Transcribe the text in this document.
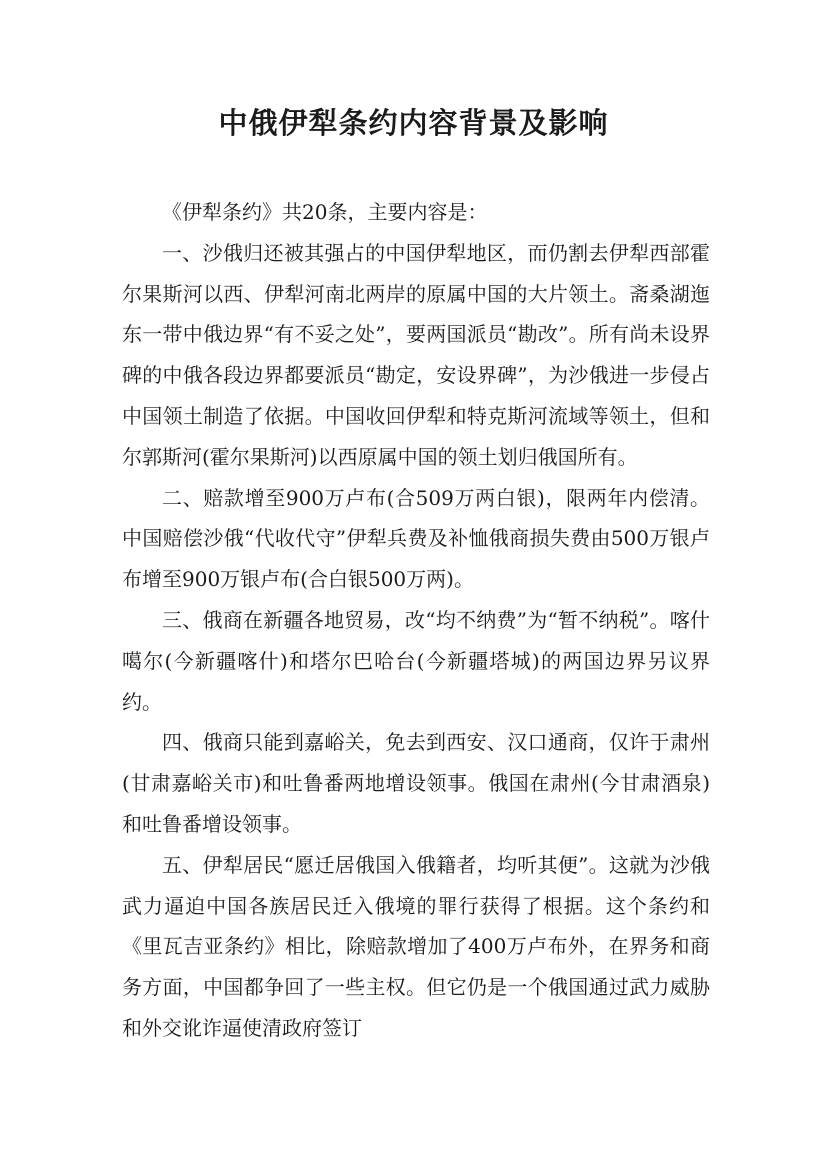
中俄伊犁条约内容背景及影响

《伊犁条约》共20条，主要内容是：

一、沙俄归还被其强占的中国伊犁地区，而仍割去伊犁西部霍尔果斯河以西、伊犁河南北两岸的原属中国的大片领土。斋桑湖迤东一带中俄边界“有不妥之处”，要两国派员“勘改”。所有尚未设界碑的中俄各段边界都要派员“勘定，安设界碑”，为沙俄进一步侵占中国领土制造了依据。中国收回伊犁和特克斯河流域等领土，但和尔郭斯河(霍尔果斯河)以西原属中国的领土划归俄国所有。

二、赔款增至900万卢布(合509万两白银)，限两年内偿清。中国赔偿沙俄“代收代守”伊犁兵费及补恤俄商损失费由500万银卢布增至900万银卢布(合白银500万两)。

三、俄商在新疆各地贸易，改“均不纳费”为“暂不纳税”。喀什噶尔(今新疆喀什)和塔尔巴哈台(今新疆塔城)的两国边界另议界约。

四、俄商只能到嘉峪关，免去到西安、汉口通商，仅许于肃州(甘肃嘉峪关市)和吐鲁番两地增设领事。俄国在肃州(今甘肃酒泉)和吐鲁番增设领事。

五、伊犁居民“愿迁居俄国入俄籍者，均听其便”。这就为沙俄武力逼迫中国各族居民迁入俄境的罪行获得了根据。这个条约和《里瓦吉亚条约》相比，除赔款增加了400万卢布外，在界务和商务方面，中国都争回了一些主权。但它仍是一个俄国通过武力威胁和外交讹诈逼使清政府签订
